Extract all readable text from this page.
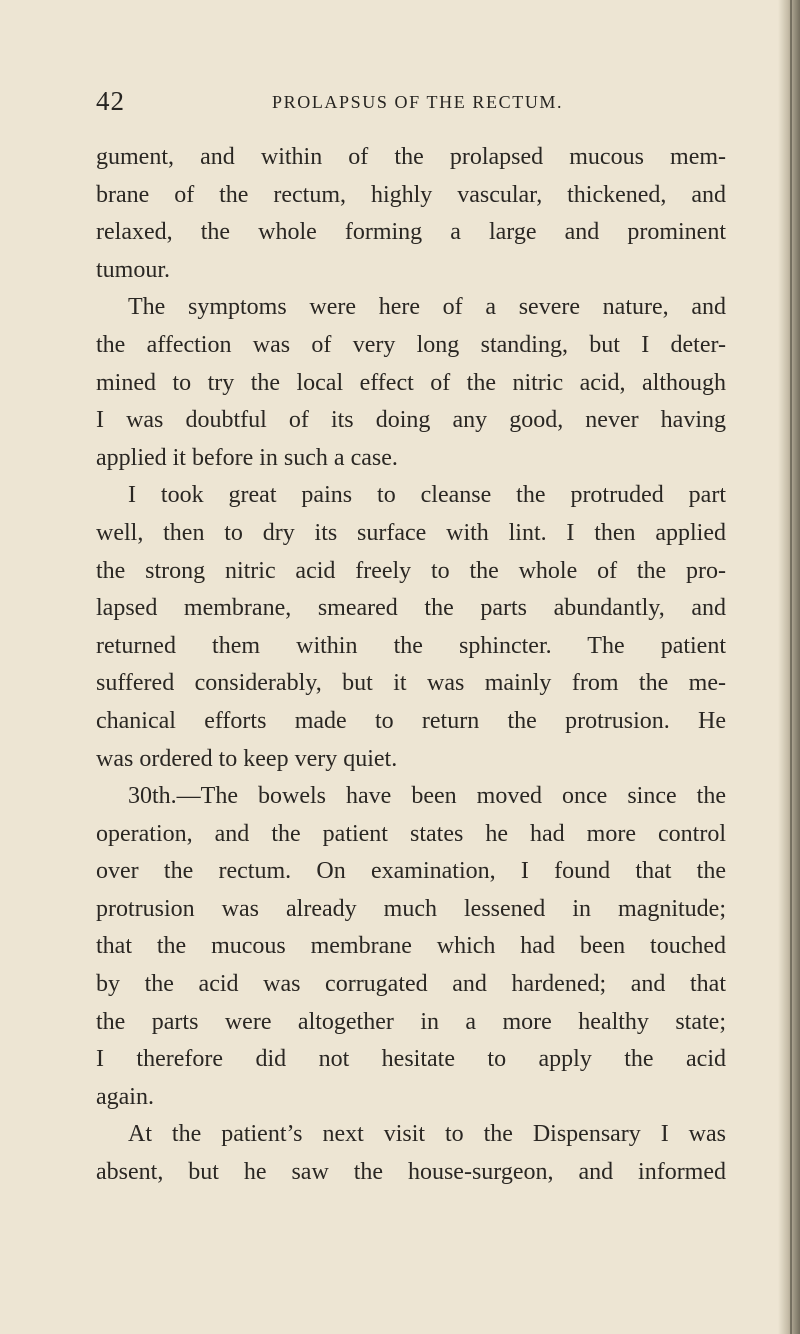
42	PROLAPSUS OF THE RECTUM.
gument, and within of the prolapsed mucous mem-
brane of the rectum, highly vascular, thickened, and
relaxed, the whole forming a large and prominent
tumour.
The symptoms were here of a severe nature, and
the affection was of very long standing, but I deter-
mined to try the local effect of the nitric acid, although
I was doubtful of its doing any good, never having
applied it before in such a case.
I took great pains to cleanse the protruded part
well, then to dry its surface with lint. I then applied
the strong nitric acid freely to the whole of the pro-
lapsed membrane, smeared the parts abundantly, and
returned them within the sphincter. The patient
suffered considerably, but it was mainly from the me-
chanical efforts made to return the protrusion. He
was ordered to keep very quiet.
30th.—The bowels have been moved once since the
operation, and the patient states he had more control
over the rectum. On examination, I found that the
protrusion was already much lessened in magnitude;
that the mucous membrane which had been touched
by the acid was corrugated and hardened; and that
the parts were altogether in a more healthy state;
I therefore did not hesitate to apply the acid
again.
At the patient’s next visit to the Dispensary I was
absent, but he saw the house-surgeon, and informed
